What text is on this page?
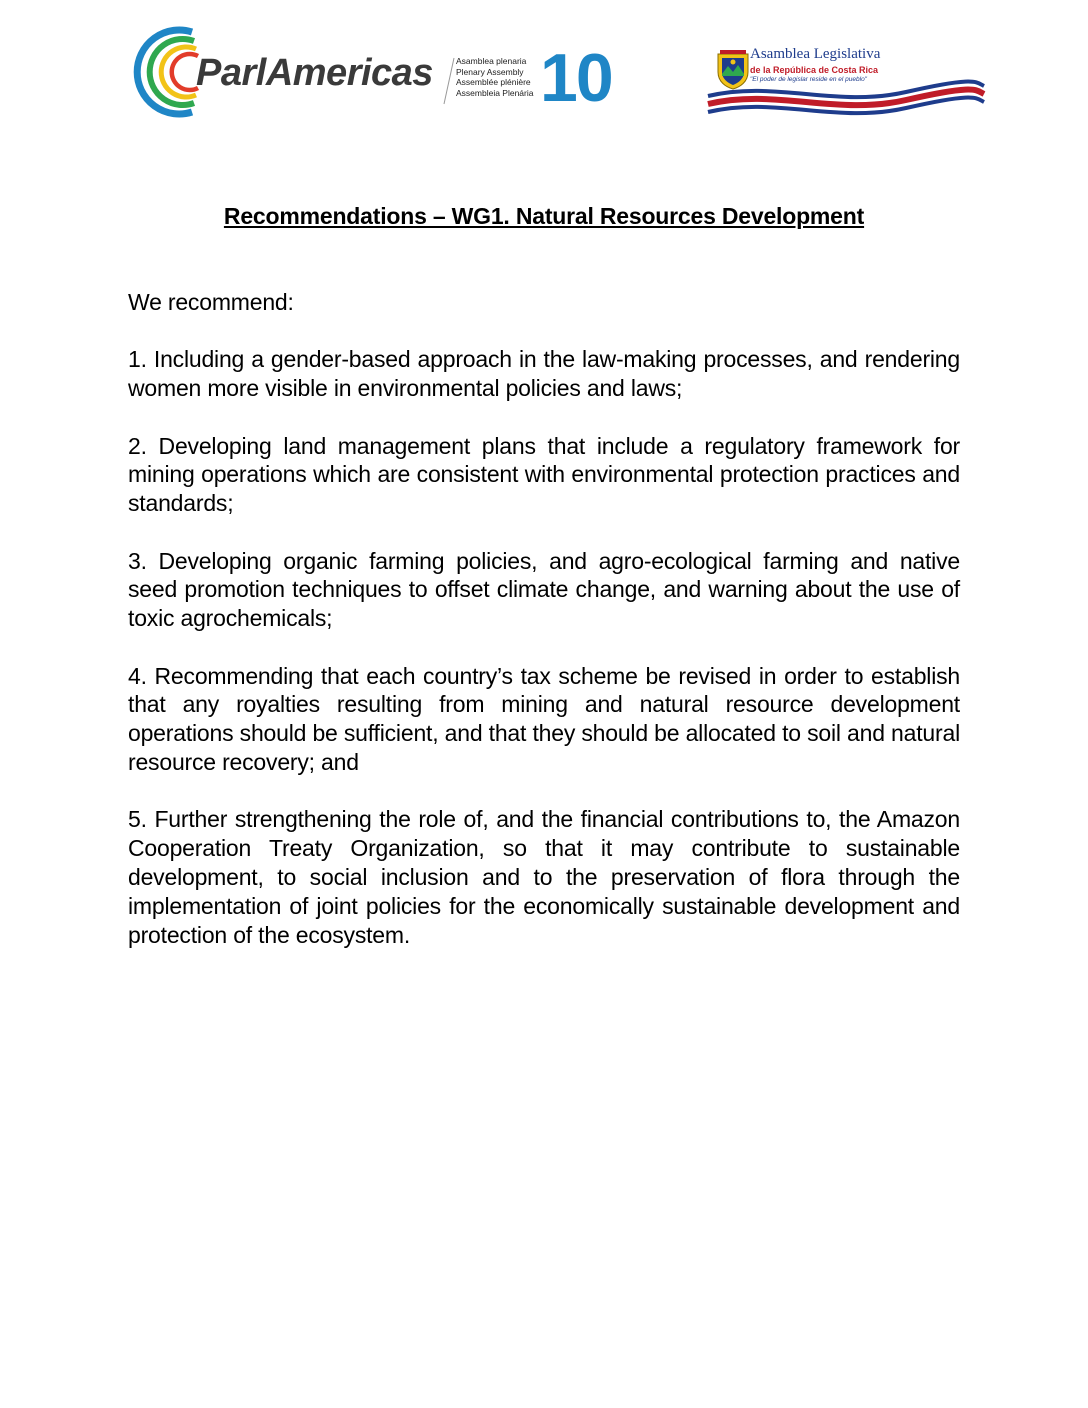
ParlAmericas	Asamblea plenaria
Plenary Assembly
Assemblée plénière
Assembleia Plenária 10	Asamblea Legislativa
de la República de Costa Rica
"El poder de legislar reside en el pueblo"
Recommendations – WG1. Natural Resources Development

We recommend:

1. Including a gender-based approach in the law-making processes, and rendering women more visible in environmental policies and laws;

2. Developing land management plans that include a regulatory framework for mining operations which are consistent with environmental protection practices and standards;

3. Developing organic farming policies, and agro-ecological farming and native seed promotion techniques to offset climate change, and warning about the use of toxic agrochemicals;

4. Recommending that each country’s tax scheme be revised in order to establish that any royalties resulting from mining and natural resource development operations should be sufficient, and that they should be allocated to soil and natural resource recovery; and

5. Further strengthening the role of, and the financial contributions to, the Amazon Cooperation Treaty Organization, so that it may contribute to sustainable development, to social inclusion and to the preservation of flora through the implementation of joint policies for the economically sustainable development and protection of the ecosystem.
